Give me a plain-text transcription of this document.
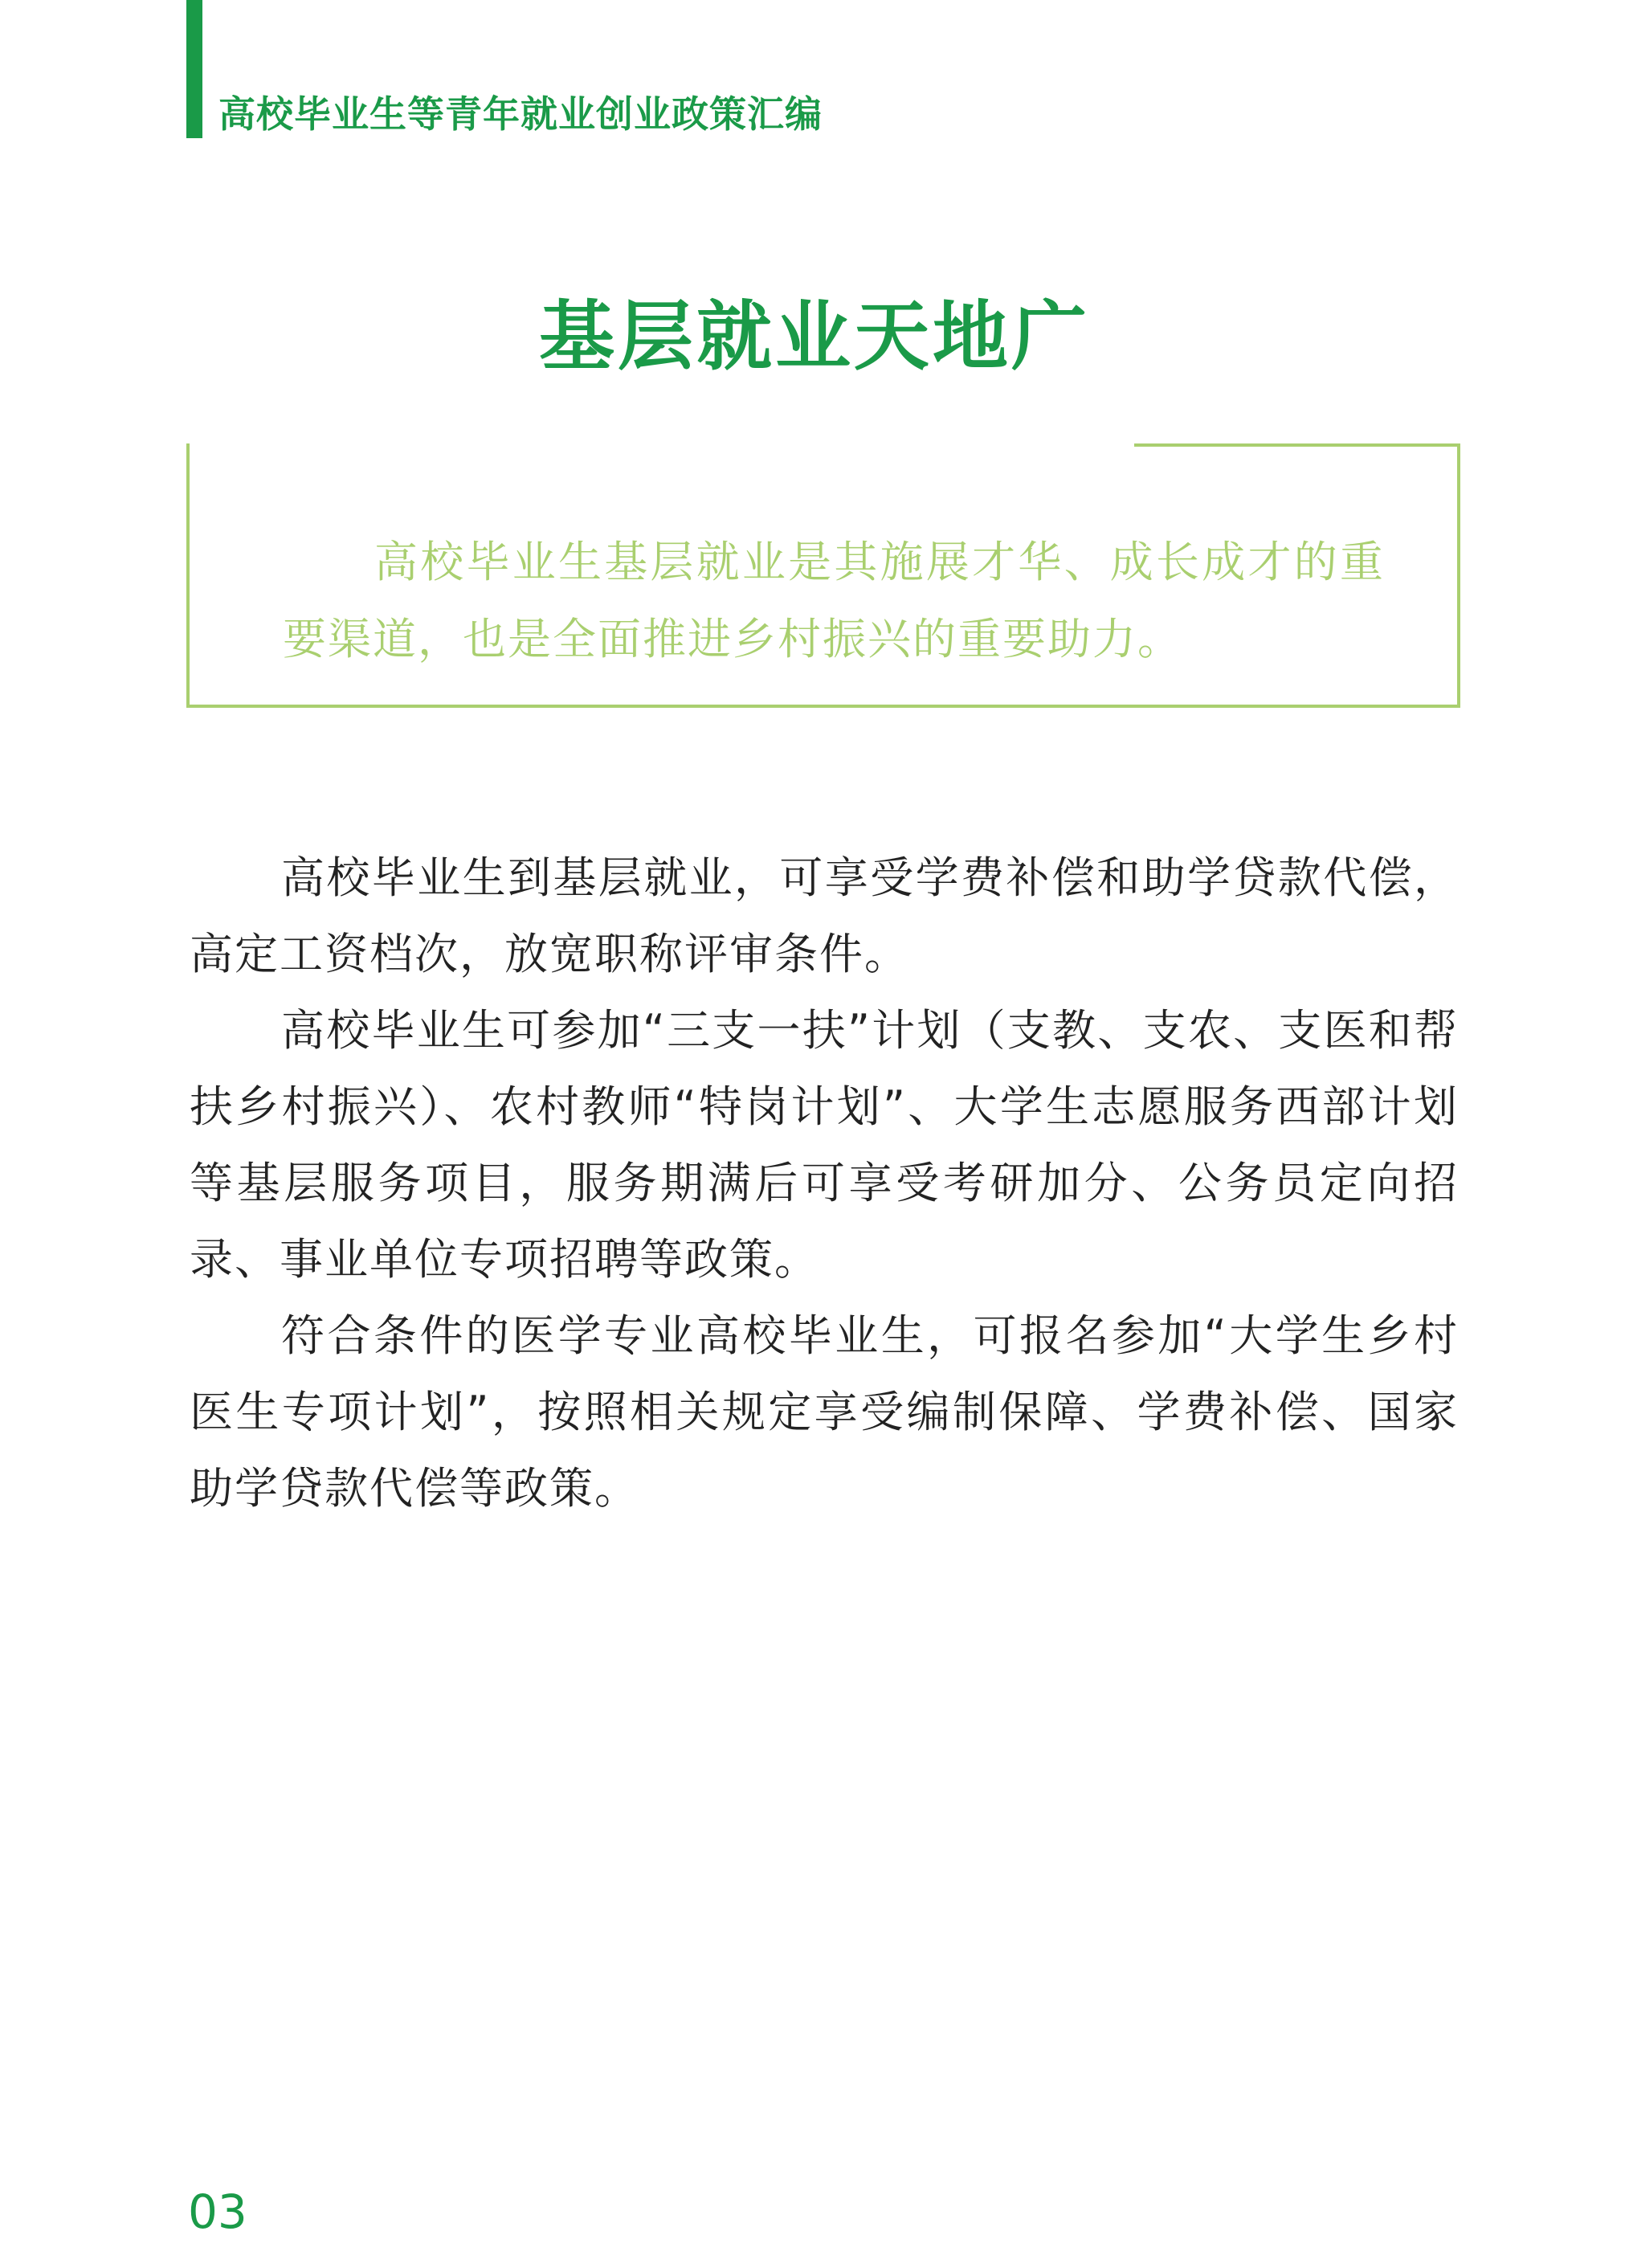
高校毕业生等青年就业创业政策汇编
基层就业天地广
高校毕业生基层就业是其施展才华、成长成才的重要渠道，也是全面推进乡村振兴的重要助力。

高校毕业生到基层就业，可享受学费补偿和助学贷款代偿，高定工资档次，放宽职称评审条件。

高校毕业生可参加“三支一扶”计划（支教、支农、支医和帮扶乡村振兴）、农村教师“特岗计划”、大学生志愿服务西部计划等基层服务项目，服务期满后可享受考研加分、公务员定向招录、事业单位专项招聘等政策。

符合条件的医学专业高校毕业生，可报名参加“大学生乡村医生专项计划”，按照相关规定享受编制保障、学费补偿、国家助学贷款代偿等政策。

03
